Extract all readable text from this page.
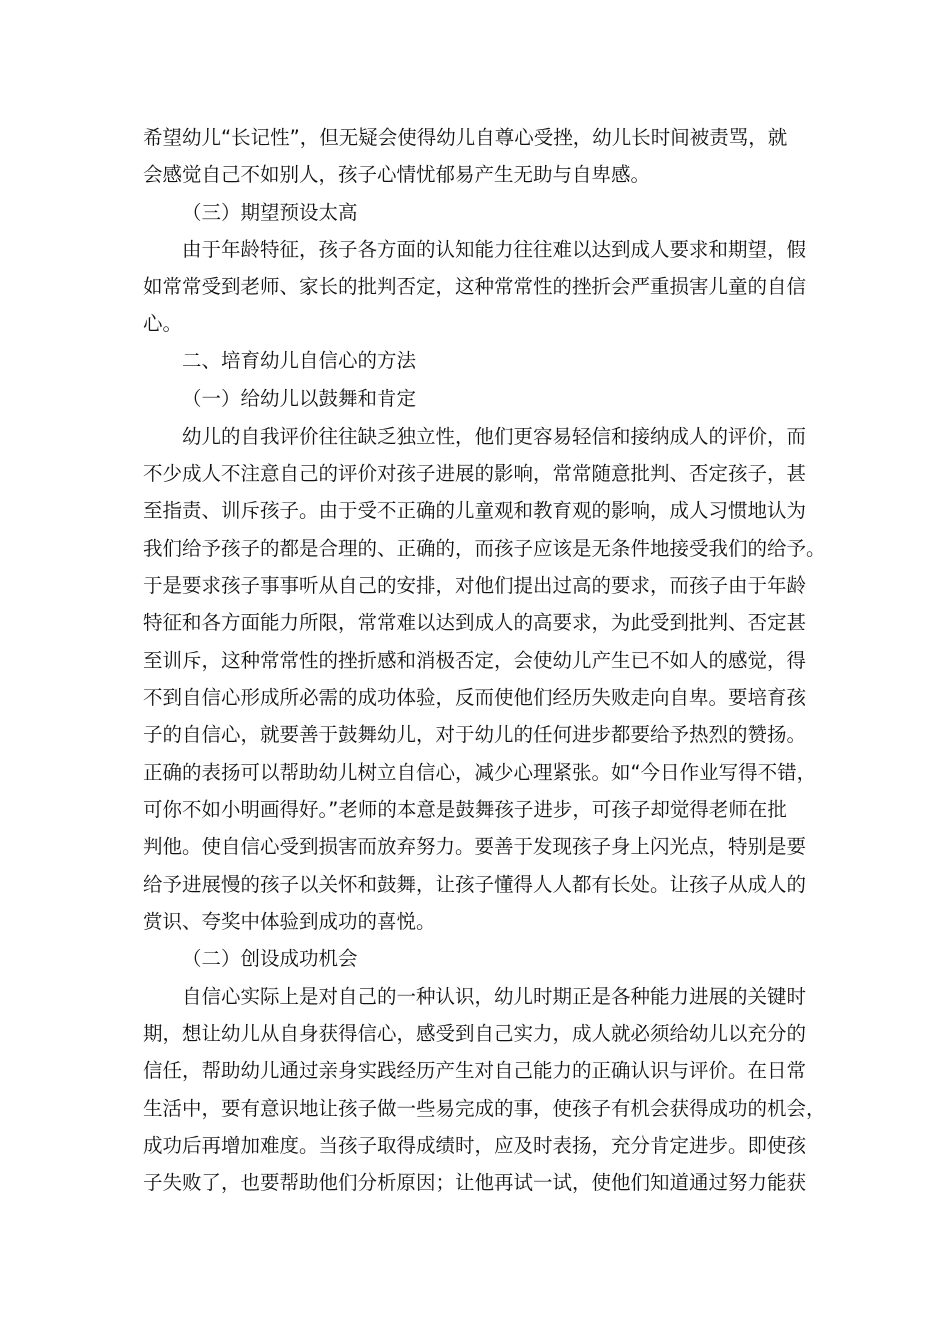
希望幼儿“长记性”，但无疑会使得幼儿自尊心受挫，幼儿长时间被责骂，就
会感觉自己不如别人，孩子心情忧郁易产生无助与自卑感。
（三）期望预设太高
由于年龄特征，孩子各方面的认知能力往往难以达到成人要求和期望，假
如常常受到老师、家长的批判否定，这种常常性的挫折会严重损害儿童的自信
心。
二、培育幼儿自信心的方法
（一）给幼儿以鼓舞和肯定
幼儿的自我评价往往缺乏独立性，他们更容易轻信和接纳成人的评价，而
不少成人不注意自己的评价对孩子进展的影响，常常随意批判、否定孩子，甚
至指责、训斥孩子。由于受不正确的儿童观和教育观的影响，成人习惯地认为
我们给予孩子的都是合理的、正确的，而孩子应该是无条件地接受我们的给予。
于是要求孩子事事听从自己的安排，对他们提出过高的要求，而孩子由于年龄
特征和各方面能力所限，常常难以达到成人的高要求，为此受到批判、否定甚
至训斥，这种常常性的挫折感和消极否定，会使幼儿产生已不如人的感觉，得
不到自信心形成所必需的成功体验，反而使他们经历失败走向自卑。要培育孩
子的自信心，就要善于鼓舞幼儿，对于幼儿的任何进步都要给予热烈的赞扬。
正确的表扬可以帮助幼儿树立自信心，减少心理紧张。如“今日作业写得不错，
可你不如小明画得好。”老师的本意是鼓舞孩子进步，可孩子却觉得老师在批
判他。使自信心受到损害而放弃努力。要善于发现孩子身上闪光点，特别是要
给予进展慢的孩子以关怀和鼓舞，让孩子懂得人人都有长处。让孩子从成人的
赏识、夸奖中体验到成功的喜悦。
（二）创设成功机会
自信心实际上是对自己的一种认识，幼儿时期正是各种能力进展的关键时
期，想让幼儿从自身获得信心，感受到自己实力，成人就必须给幼儿以充分的
信任，帮助幼儿通过亲身实践经历产生对自己能力的正确认识与评价。在日常
生活中，要有意识地让孩子做一些易完成的事，使孩子有机会获得成功的机会，
成功后再增加难度。当孩子取得成绩时，应及时表扬，充分肯定进步。即使孩
子失败了，也要帮助他们分析原因；让他再试一试，使他们知道通过努力能获
